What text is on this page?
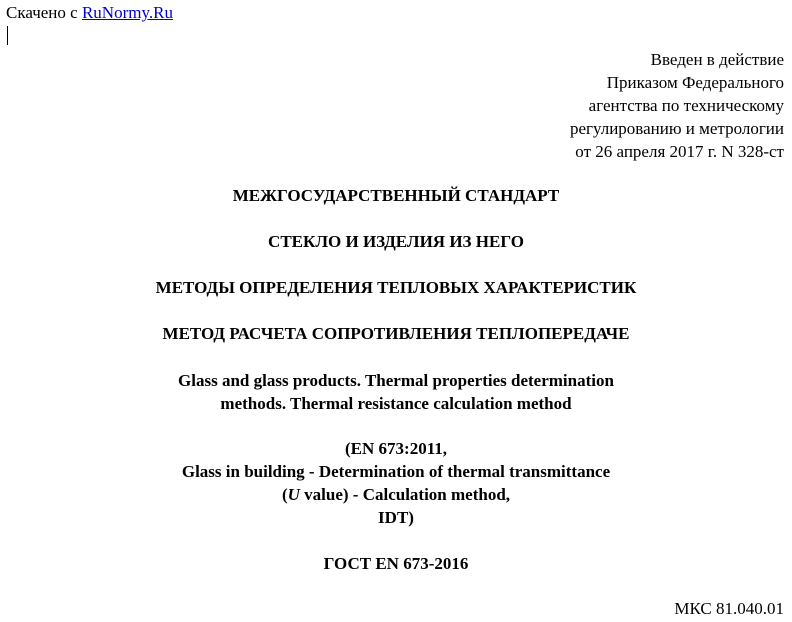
Скачено с RuNormy.Ru
Введен в действие
Приказом Федерального
агентства по техническому
регулированию и метрологии
от 26 апреля 2017 г. N 328-ст
МЕЖГОСУДАРСТВЕННЫЙ СТАНДАРТ
СТЕКЛО И ИЗДЕЛИЯ ИЗ НЕГО
МЕТОДЫ ОПРЕДЕЛЕНИЯ ТЕПЛОВЫХ ХАРАКТЕРИСТИК
МЕТОД РАСЧЕТА СОПРОТИВЛЕНИЯ ТЕПЛОПЕРЕДАЧЕ
Glass and glass products. Thermal properties determination
methods. Thermal resistance calculation method
(EN 673:2011,
Glass in building - Determination of thermal transmittance
(U value) - Calculation method,
IDT)
ГОСТ EN 673-2016
МКС 81.040.01
